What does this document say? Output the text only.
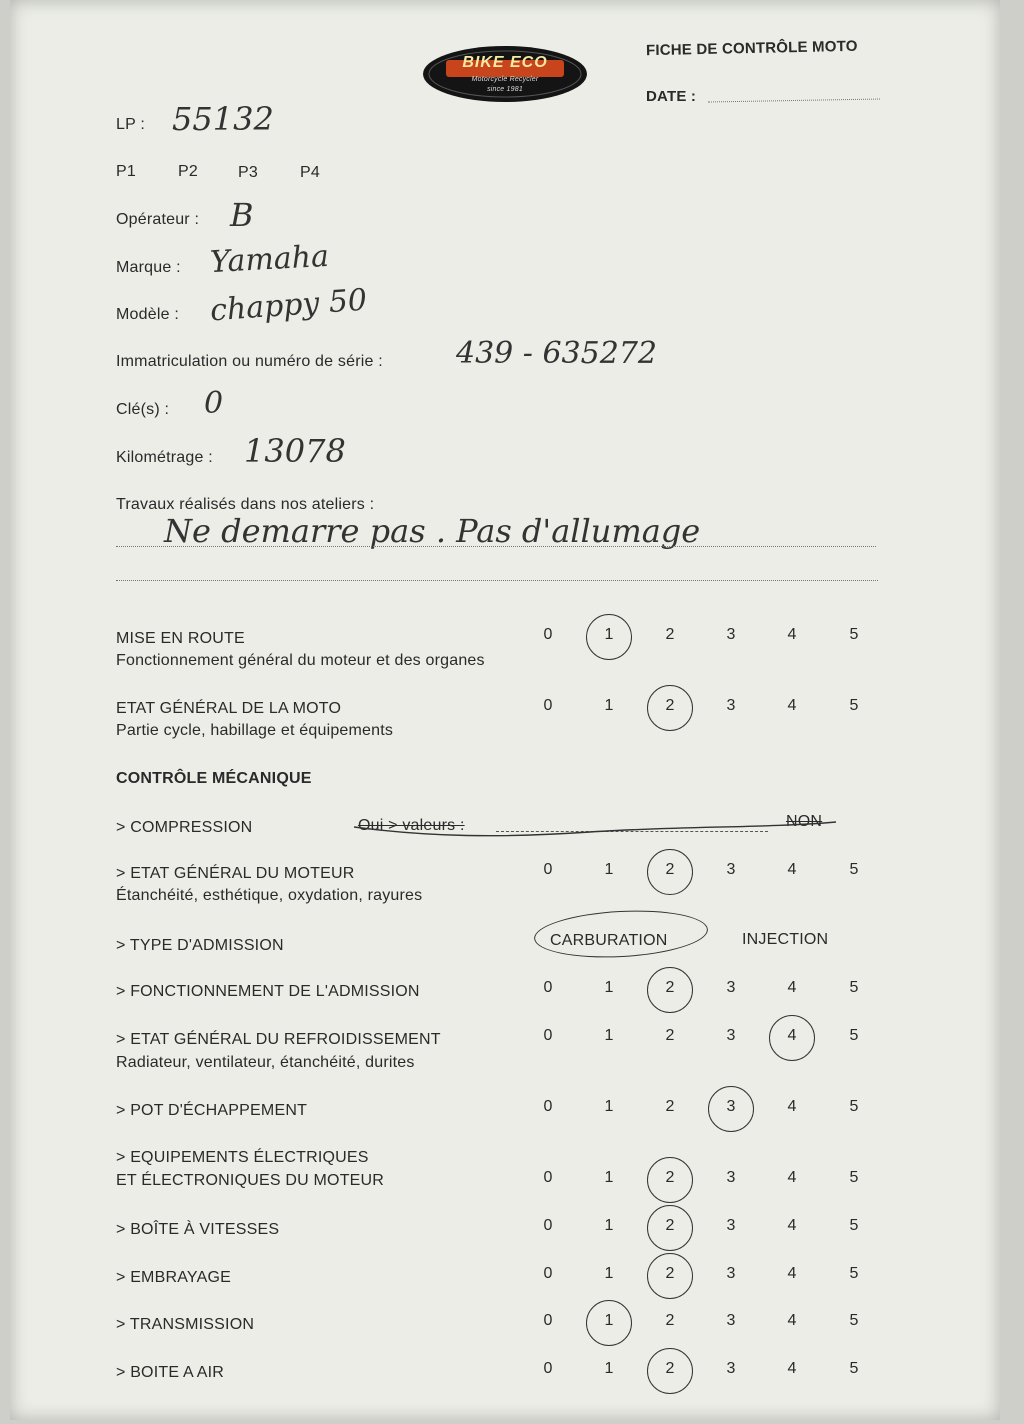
BIKE ECO
Motorcycle Recycler
since 1981
FICHE DE CONTRÔLE MOTO
DATE :
LP : 55132
P1	P2	P3	P4
Opérateur : B
Marque : Yamaha
Modèle : chappy 50
Immatriculation ou numéro de série : 439 - 635272
Clé(s) : 0
Kilométrage : 13078
Travaux réalisés dans nos ateliers :
Ne demarre pas . Pas d'allumage
MISE EN ROUTE
Fonctionnement général du moteur et des organes
0	1	2	3	4	5
ETAT GÉNÉRAL DE LA MOTO
Partie cycle, habillage et équipements
0	1	2	3	4	5
CONTRÔLE MÉCANIQUE
> COMPRESSION	Oui > valeurs :	NON
> ETAT GÉNÉRAL DU MOTEUR
Étanchéité, esthétique, oxydation, rayures
0	1	2	3	4	5
> TYPE D'ADMISSION	CARBURATION	INJECTION
> FONCTIONNEMENT DE L'ADMISSION	0	1	2	3	4	5
> ETAT GÉNÉRAL DU REFROIDISSEMENT
Radiateur, ventilateur, étanchéité, durites
0	1	2	3	4	5
> POT D'ÉCHAPPEMENT	0	1	2	3	4	5
> EQUIPEMENTS ÉLECTRIQUES
ET ÉLECTRONIQUES DU MOTEUR	0	1	2	3	4	5
> BOÎTE À VITESSES	0	1	2	3	4	5
> EMBRAYAGE	0	1	2	3	4	5
> TRANSMISSION	0	1	2	3	4	5
> BOITE A AIR	0	1	2	3	4	5
